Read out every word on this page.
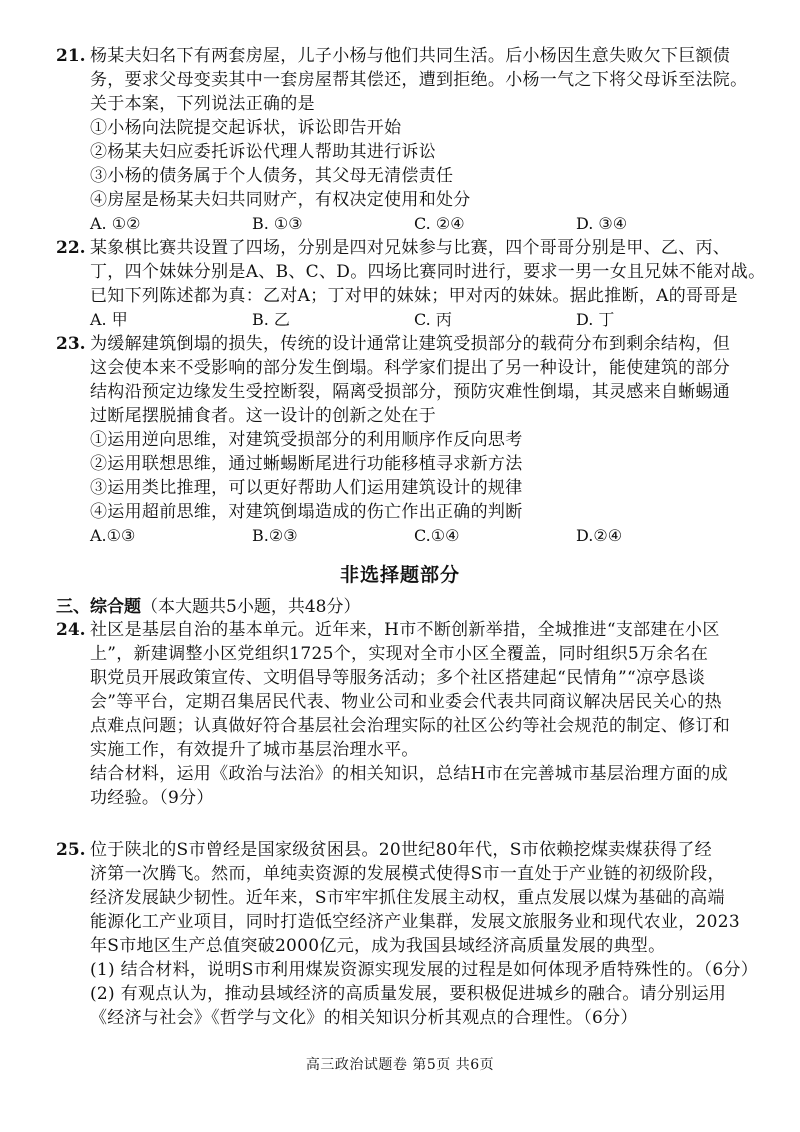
21. 杨某夫妇名下有两套房屋，儿子小杨与他们共同生活。后小杨因生意失败欠下巨额债
务，要求父母变卖其中一套房屋帮其偿还，遭到拒绝。小杨一气之下将父母诉至法院。
关于本案，下列说法正确的是
①小杨向法院提交起诉状，诉讼即告开始
②杨某夫妇应委托诉讼代理人帮助其进行诉讼
③小杨的债务属于个人债务，其父母无清偿责任
④房屋是杨某夫妇共同财产，有权决定使用和处分
A. ①②	B. ①③	C. ②④	D. ③④
22. 某象棋比赛共设置了四场，分别是四对兄妹参与比赛，四个哥哥分别是甲、乙、丙、
丁，四个妹妹分别是A、B、C、D。四场比赛同时进行，要求一男一女且兄妹不能对战。
已知下列陈述都为真：乙对A；丁对甲的妹妹；甲对丙的妹妹。据此推断，A的哥哥是
A. 甲	B. 乙	C. 丙	D. 丁
23. 为缓解建筑倒塌的损失，传统的设计通常让建筑受损部分的载荷分布到剩余结构，但
这会使本来不受影响的部分发生倒塌。科学家们提出了另一种设计，能使建筑的部分
结构沿预定边缘发生受控断裂，隔离受损部分，预防灾难性倒塌，其灵感来自蜥蜴通
过断尾摆脱捕食者。这一设计的创新之处在于
①运用逆向思维，对建筑受损部分的利用顺序作反向思考
②运用联想思维，通过蜥蜴断尾进行功能移植寻求新方法
③运用类比推理，可以更好帮助人们运用建筑设计的规律
④运用超前思维，对建筑倒塌造成的伤亡作出正确的判断
A.①③	B.②③	C.①④	D.②④
非选择题部分
三、综合题（本大题共5小题，共48分）
24. 社区是基层自治的基本单元。近年来，H市不断创新举措，全城推进“支部建在小区
上”，新建调整小区党组织1725个，实现对全市小区全覆盖，同时组织5万余名在
职党员开展政策宣传、文明倡导等服务活动；多个社区搭建起“民情角”“凉亭恳谈
会”等平台，定期召集居民代表、物业公司和业委会代表共同商议解决居民关心的热
点难点问题；认真做好符合基层社会治理实际的社区公约等社会规范的制定、修订和
实施工作，有效提升了城市基层治理水平。
结合材料，运用《政治与法治》的相关知识，总结H市在完善城市基层治理方面的成
功经验。（9分）
25. 位于陕北的S市曾经是国家级贫困县。20世纪80年代，S市依赖挖煤卖煤获得了经
济第一次腾飞。然而，单纯卖资源的发展模式使得S市一直处于产业链的初级阶段，
经济发展缺少韧性。近年来，S市牢牢抓住发展主动权，重点发展以煤为基础的高端
能源化工产业项目，同时打造低空经济产业集群，发展文旅服务业和现代农业，2023
年S市地区生产总值突破2000亿元，成为我国县域经济高质量发展的典型。
(1) 结合材料，说明S市利用煤炭资源实现发展的过程是如何体现矛盾特殊性的。（6分）
(2) 有观点认为，推动县域经济的高质量发展，要积极促进城乡的融合。请分别运用
《经济与社会》《哲学与文化》的相关知识分析其观点的合理性。（6分）
高三政治试题卷 第5页 共6页
